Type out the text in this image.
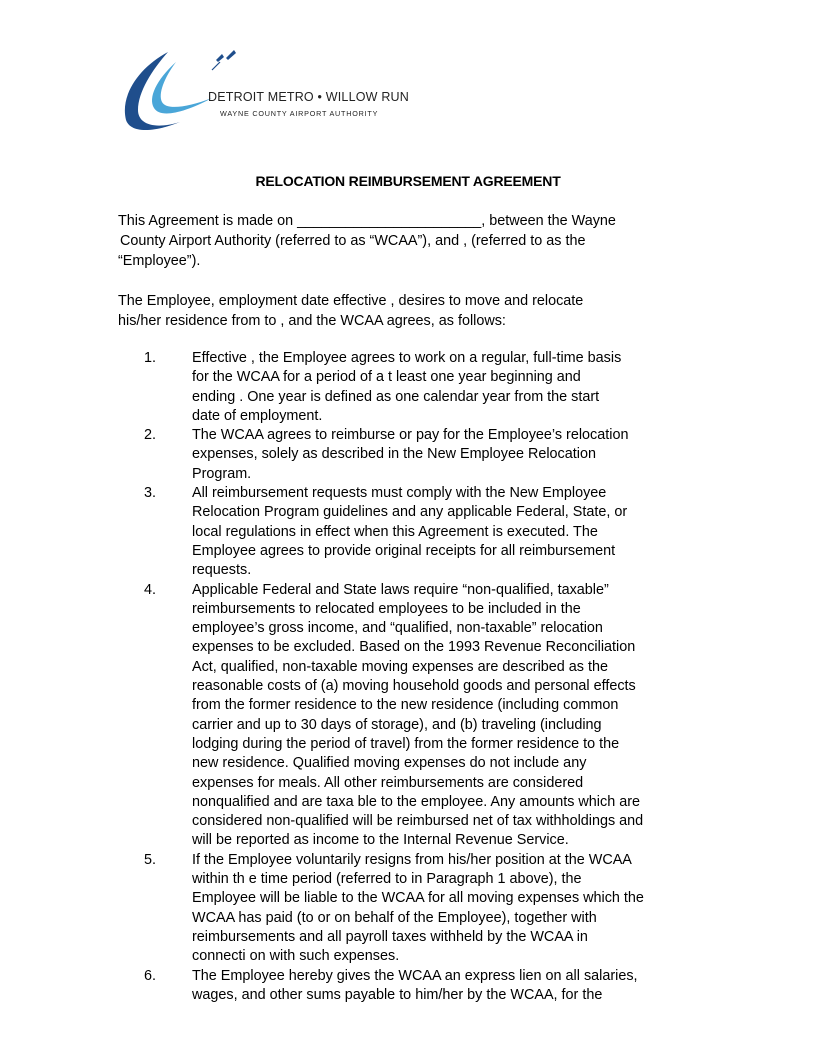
DETROIT METRO • WILLOW RUN
WAYNE COUNTY AIRPORT AUTHORITY
RELOCATION REIMBURSEMENT AGREEMENT
This Agreement is made on _______________________, between the Wayne
County Airport Authority (referred to as “WCAA”), and , (referred to as the
“Employee”).
The Employee, employment date effective , desires to move and relocate
his/her residence from to , and the WCAA agrees, as follows:
1.	Effective , the Employee agrees to work on a regular, full-time basis
for the WCAA for a period of a t least one year beginning and
ending . One year is defined as one calendar year from the start
date of employment.
2.	The WCAA agrees to reimburse or pay for the Employee’s relocation
expenses, solely as described in the New Employee Relocation
Program.
3.	All reimbursement requests must comply with the New Employee
Relocation Program guidelines and any applicable Federal, State, or
local regulations in effect when this Agreement is executed. The
Employee agrees to provide original receipts for all reimbursement
requests.
4.	Applicable Federal and State laws require “non-qualified, taxable”
reimbursements to relocated employees to be included in the
employee’s gross income, and “qualified, non-taxable” relocation
expenses to be excluded. Based on the 1993 Revenue Reconciliation
Act, qualified, non-taxable moving expenses are described as the
reasonable costs of (a) moving household goods and personal effects
from the former residence to the new residence (including common
carrier and up to 30 days of storage), and (b) traveling (including
lodging during the period of travel) from the former residence to the
new residence. Qualified moving expenses do not include any
expenses for meals. All other reimbursements are considered
nonqualified and are taxa ble to the employee. Any amounts which are
considered non-qualified will be reimbursed net of tax withholdings and
will be reported as income to the Internal Revenue Service.
5.	If the Employee voluntarily resigns from his/her position at the WCAA
within th e time period (referred to in Paragraph 1 above), the
Employee will be liable to the WCAA for all moving expenses which the
WCAA has paid (to or on behalf of the Employee), together with
reimbursements and all payroll taxes withheld by the WCAA in
connecti on with such expenses.
6.	The Employee hereby gives the WCAA an express lien on all salaries,
wages, and other sums payable to him/her by the WCAA, for the
